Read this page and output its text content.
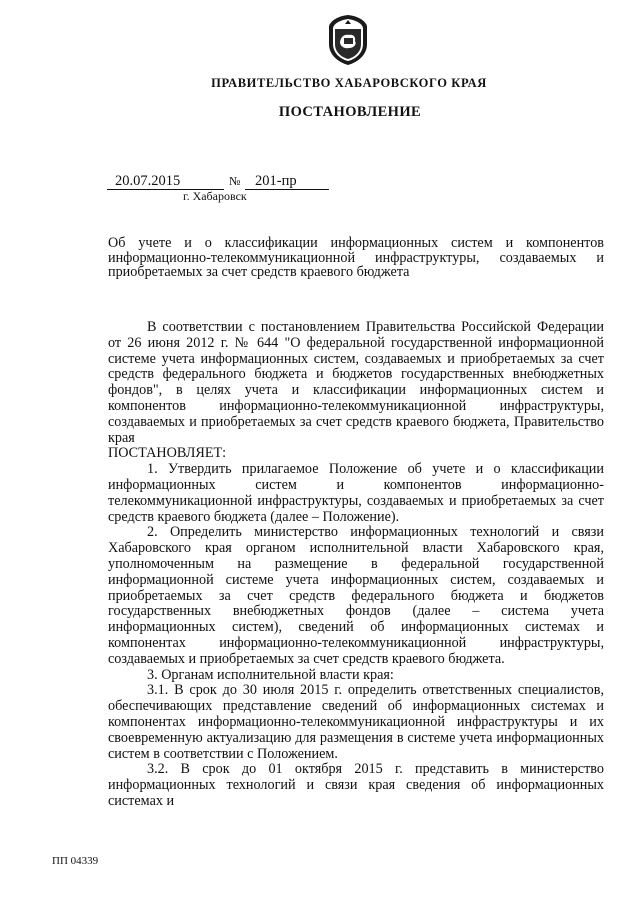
ПРАВИТЕЛЬСТВО ХАБАРОВСКОГО КРАЯ
ПОСТАНОВЛЕНИЕ
20.07.2015	№	201-пр
г. Хабаровск
Об учете и о классификации информационных систем и компонентов информационно-телекоммуникационной инфраструктуры, создаваемых и приобретаемых за счет средств краевого бюджета

В соответствии с постановлением Правительства Российской Федерации от 26 июня 2012 г. № 644 "О федеральной государственной информационной системе учета информационных систем, создаваемых и приобретаемых за счет средств федерального бюджета и бюджетов государственных внебюджетных фондов", в целях учета и классификации информационных систем и компонентов информационно-телекоммуникационной инфраструктуры, создаваемых и приобретаемых за счет средств краевого бюджета, Правительство края

ПОСТАНОВЛЯЕТ:

1. Утвердить прилагаемое Положение об учете и о классификации информационных систем и компонентов информационно-телекоммуникационной инфраструктуры, создаваемых и приобретаемых за счет средств краевого бюджета (далее – Положение).

2. Определить министерство информационных технологий и связи Хабаровского края органом исполнительной власти Хабаровского края, уполномоченным на размещение в федеральной государственной информационной системе учета информационных систем, создаваемых и приобретаемых за счет средств федерального бюджета и бюджетов государственных внебюджетных фондов (далее – система учета информационных систем), сведений об информационных системах и компонентах информационно-телекоммуникационной инфраструктуры, создаваемых и приобретаемых за счет средств краевого бюджета.

3. Органам исполнительной власти края:

3.1. В срок до 30 июля 2015 г. определить ответственных специалистов, обеспечивающих представление сведений об информационных системах и компонентах информационно-телекоммуникационной инфраструктуры и их своевременную актуализацию для размещения в системе учета информационных систем в соответствии с Положением.

3.2. В срок до 01 октября 2015 г. представить в министерство информационных технологий и связи края сведения об информационных системах и

ПП 04339
